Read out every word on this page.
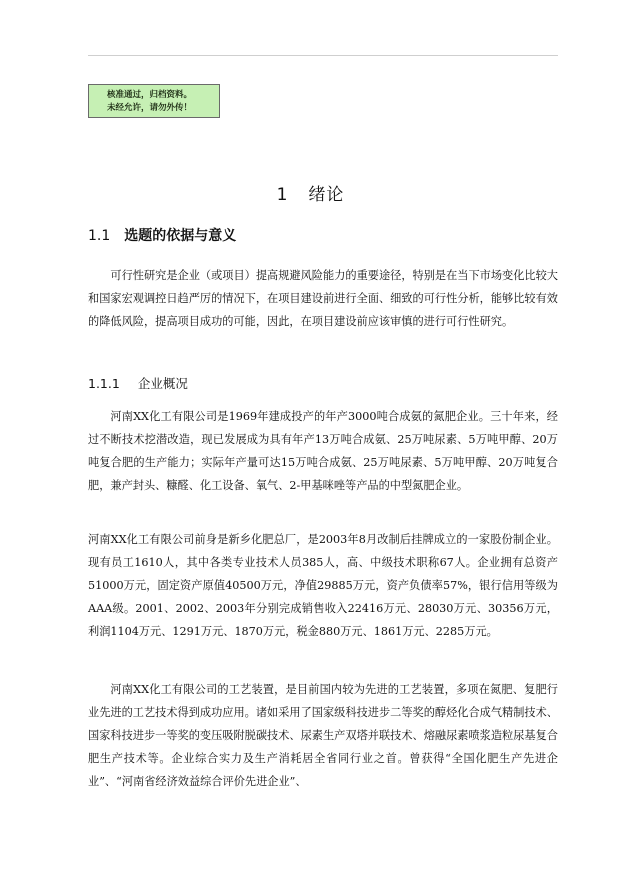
核准通过，归档资料。
未经允许，请勿外传！
1 绪论
1.1 选题的依据与意义

可行性研究是企业（或项目）提高规避风险能力的重要途径，特别是在当下市场变化比较大和国家宏观调控日趋严厉的情况下，在项目建设前进行全面、细致的可行性分析，能够比较有效的降低风险，提高项目成功的可能，因此，在项目建设前应该审慎的进行可行性研究。

1.1.1 企业概况

河南XX化工有限公司是1969年建成投产的年产3000吨合成氨的氮肥企业。三十年来，经过不断技术挖潜改造，现已发展成为具有年产13万吨合成氨、25万吨尿素、5万吨甲醇、20万吨复合肥的生产能力；实际年产量可达15万吨合成氨、25万吨尿素、5万吨甲醇、20万吨复合肥，兼产封头、糠醛、化工设备、氧气、2-甲基咪唑等产品的中型氮肥企业。

河南XX化工有限公司前身是新乡化肥总厂，是2003年8月改制后挂牌成立的一家股份制企业。现有员工1610人，其中各类专业技术人员385人，高、中级技术职称67人。企业拥有总资产51000万元，固定资产原值40500万元，净值29885万元，资产负债率57%，银行信用等级为AAA级。2001、2002、2003年分别完成销售收入22416万元、28030万元、30356万元，利润1104万元、1291万元、1870万元，税金880万元、1861万元、2285万元。

河南XX化工有限公司的工艺装置，是目前国内较为先进的工艺装置，多项在氮肥、复肥行业先进的工艺技术得到成功应用。诸如采用了国家级科技进步二等奖的醇烃化合成气精制技术、国家科技进步一等奖的变压吸附脱碳技术、尿素生产双塔并联技术、熔融尿素喷浆造粒尿基复合肥生产技术等。企业综合实力及生产消耗居全省同行业之首。曾获得“全国化肥生产先进企业”、“河南省经济效益综合评价先进企业”、
